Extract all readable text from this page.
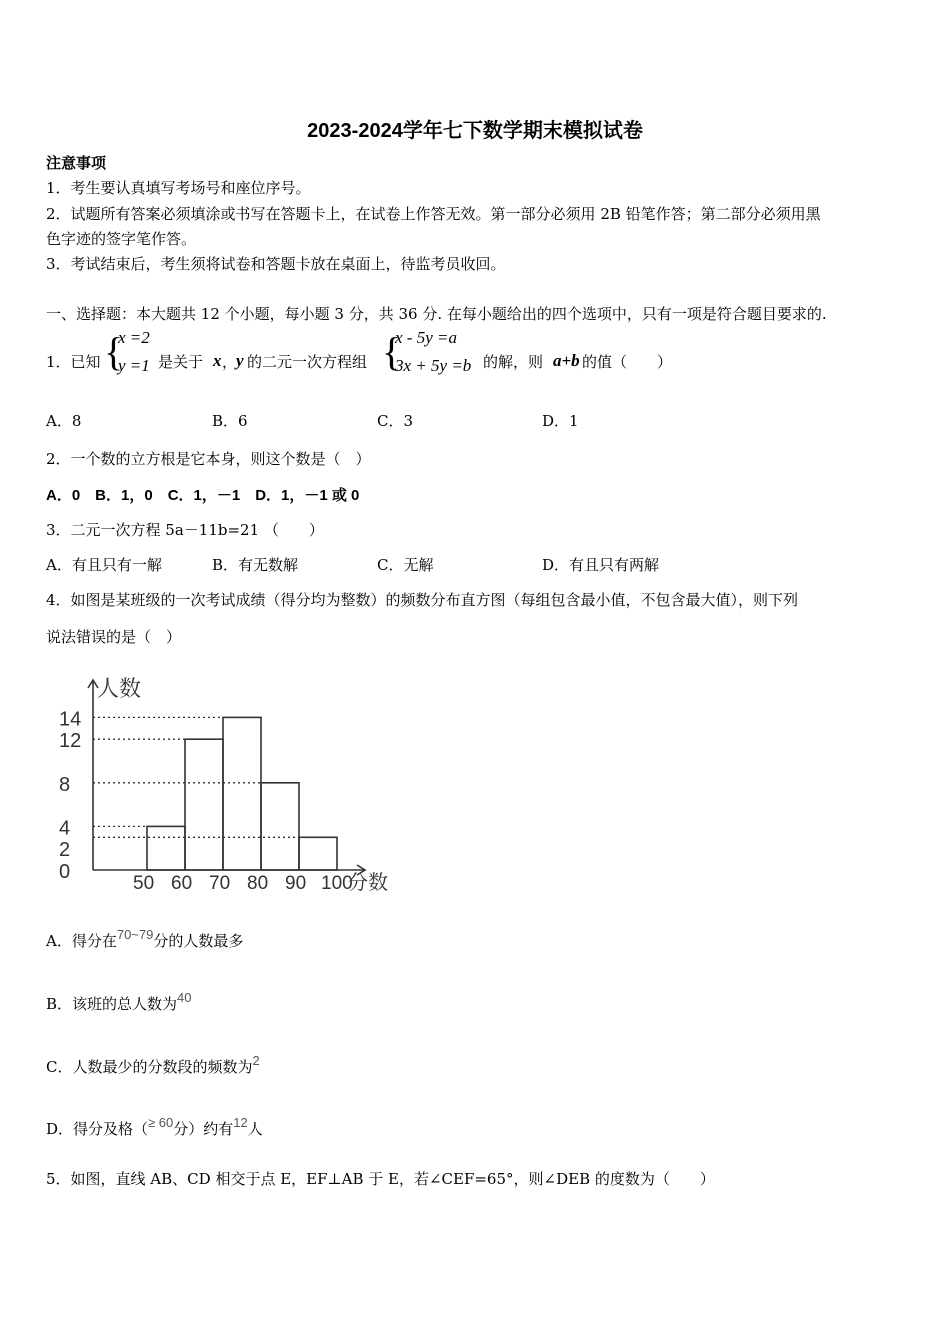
2023-2024学年七下数学期末模拟试卷
注意事项
1．考生要认真填写考场号和座位序号。
2．试题所有答案必须填涂或书写在答题卡上，在试卷上作答无效。第一部分必须用 2B 铅笔作答；第二部分必须用黑
色字迹的签字笔作答。
3．考试结束后，考生须将试卷和答题卡放在桌面上，待监考员收回。
一、选择题：本大题共 12 个小题，每小题 3 分，共 36 分. 在每小题给出的四个选项中，只有一项是符合题目要求的.
1．已知 {
x =2
y =1 是关于 x ，
y 的二元一次方程组 {
x - 5y =a
3x + 5y =b 的解，则 a+b 的值（　　）
A．8	B．6	C．3	D．1
2．一个数的立方根是它本身，则这个数是（　）
A．0　B．1，0　C．1，－1　D．1，－1 或 0
3．二元一次方程 5a－11b=21 （　　）
A．有且只有一解	B．有无数解	C．无解	D．有且只有两解
4．如图是某班级的一次考试成绩（得分均为整数）的频数分布直方图（每组包含最小值，不包含最大值），则下列
说法错误的是（　）
人数
分数
0
2
4
8
12
14
50 60 70 80 90 100
A．得分在70~79分的人数最多
B．该班的总人数为40
C．人数最少的分数段的频数为2
D．得分及格（≥ 60分）约有12人
5．如图，直线 AB、CD 相交于点 E，EF⊥AB 于 E，若∠CEF=65°，则∠DEB 的度数为（　　）
